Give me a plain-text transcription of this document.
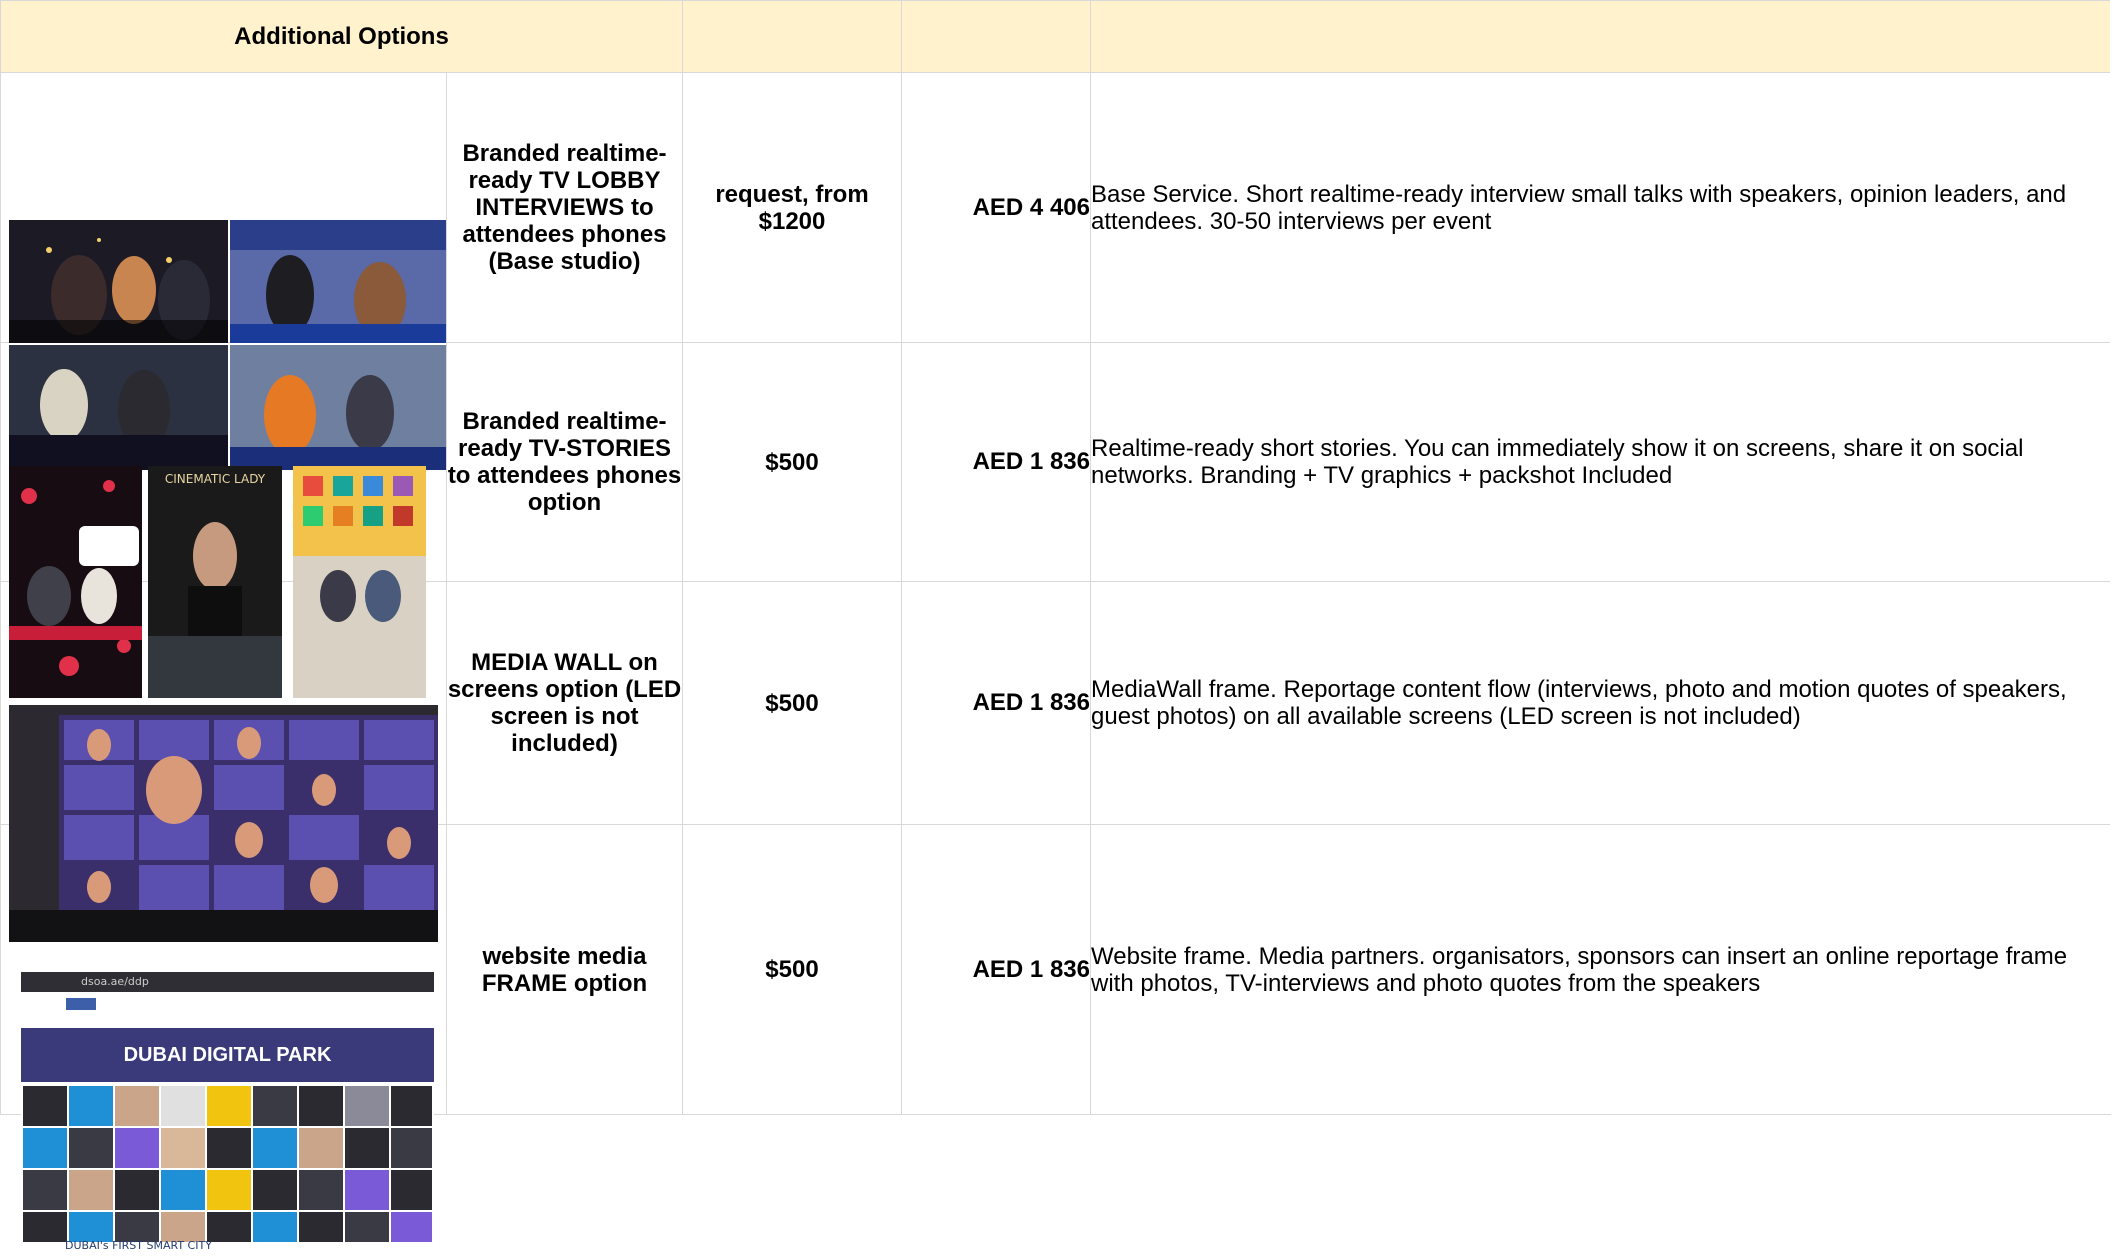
Additional Options				

	Branded realtime-ready TV LOBBY INTERVIEWS to attendees phones (Base studio)	request, from $1200	AED 4 406	Base Service. Short realtime-ready interview small talks with speakers, opinion leaders, and attendees. 30-50 interviews per event

CINEMATIC LADY	Branded realtime-ready TV-STORIES to attendees phones option	$500	AED 1 836	Realtime-ready short stories. You can immediately show it on screens, share it on social networks. Branding + TV graphics + packshot Included

	MEDIA WALL on screens option (LED screen is not included)	$500	AED 1 836	MediaWall frame. Reportage content flow (interviews, photo and motion quotes of speakers, guest photos) on all available screens (LED screen is not included)

dsoa.ae/ddp
DUBAI DIGITAL PARK
DUBAI's FIRST SMART CITY	website media FRAME option	$500	AED 1 836	Website frame. Media partners. organisators, sponsors can insert an online reportage frame with photos, TV-interviews and photo quotes from the speakers
